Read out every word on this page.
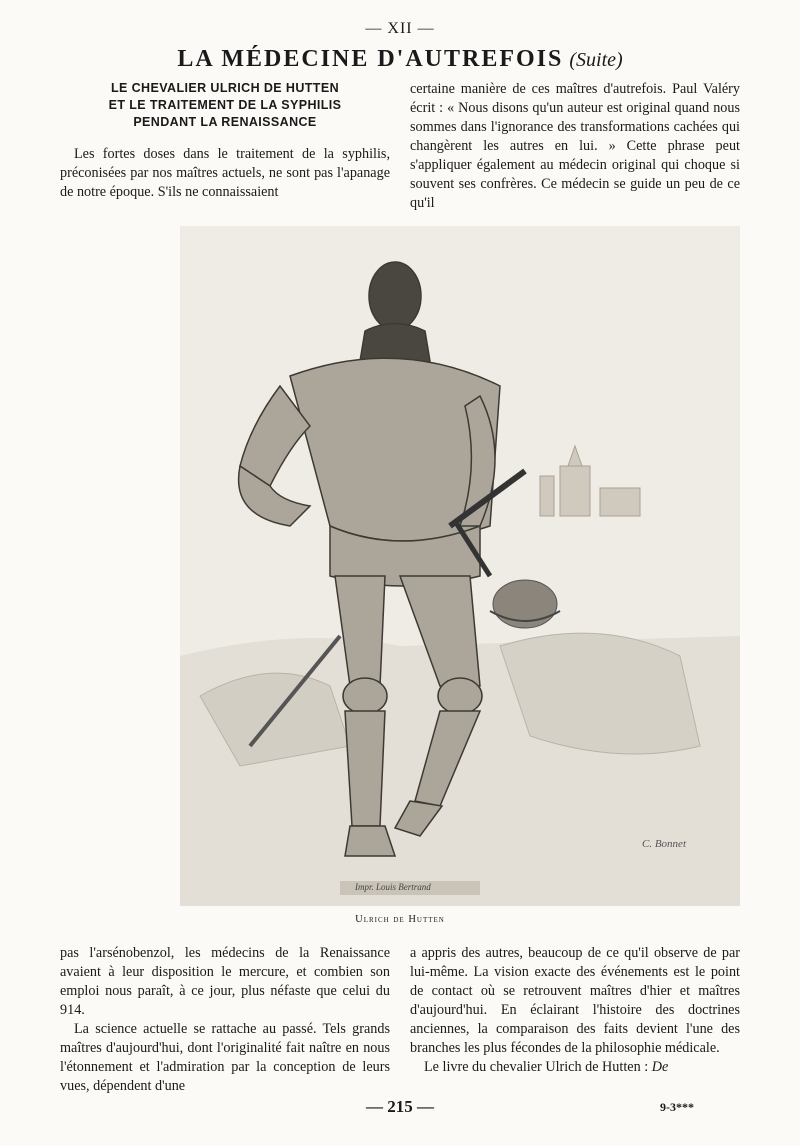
— XII —
LA MÉDECINE D'AUTREFOIS (Suite)
LE CHEVALIER ULRICH DE HUTTEN
ET LE TRAITEMENT DE LA SYPHILIS
PENDANT LA RENAISSANCE

Les fortes doses dans le traitement de la syphilis, préconisées par nos maîtres actuels, ne sont pas l'apanage de notre époque. S'ils ne connaissaient

certaine manière de ces maîtres d'autrefois. Paul Valéry écrit : « Nous disons qu'un auteur est original quand nous sommes dans l'ignorance des transformations cachées qui changèrent les autres en lui. » Cette phrase peut s'appliquer également au médecin original qui choque si souvent ses confrères. Ce médecin se guide un peu de ce qu'il

Impr. Louis Bertrand
C. Bonnet
Ulrich de Hutten

pas l'arsénobenzol, les médecins de la Renaissance avaient à leur disposition le mercure, et combien son emploi nous paraît, à ce jour, plus néfaste que celui du 914.

La science actuelle se rattache au passé. Tels grands maîtres d'aujourd'hui, dont l'originalité fait naître en nous l'étonnement et l'admiration par la conception de leurs vues, dépendent d'une

a appris des autres, beaucoup de ce qu'il observe de par lui-même. La vision exacte des événements est le point de contact où se retrouvent maîtres d'hier et maîtres d'aujourd'hui. En éclairant l'histoire des doctrines anciennes, la comparaison des faits devient l'une des branches les plus fécondes de la philosophie médicale.

Le livre du chevalier Ulrich de Hutten : De

— 215 —	9-3***
